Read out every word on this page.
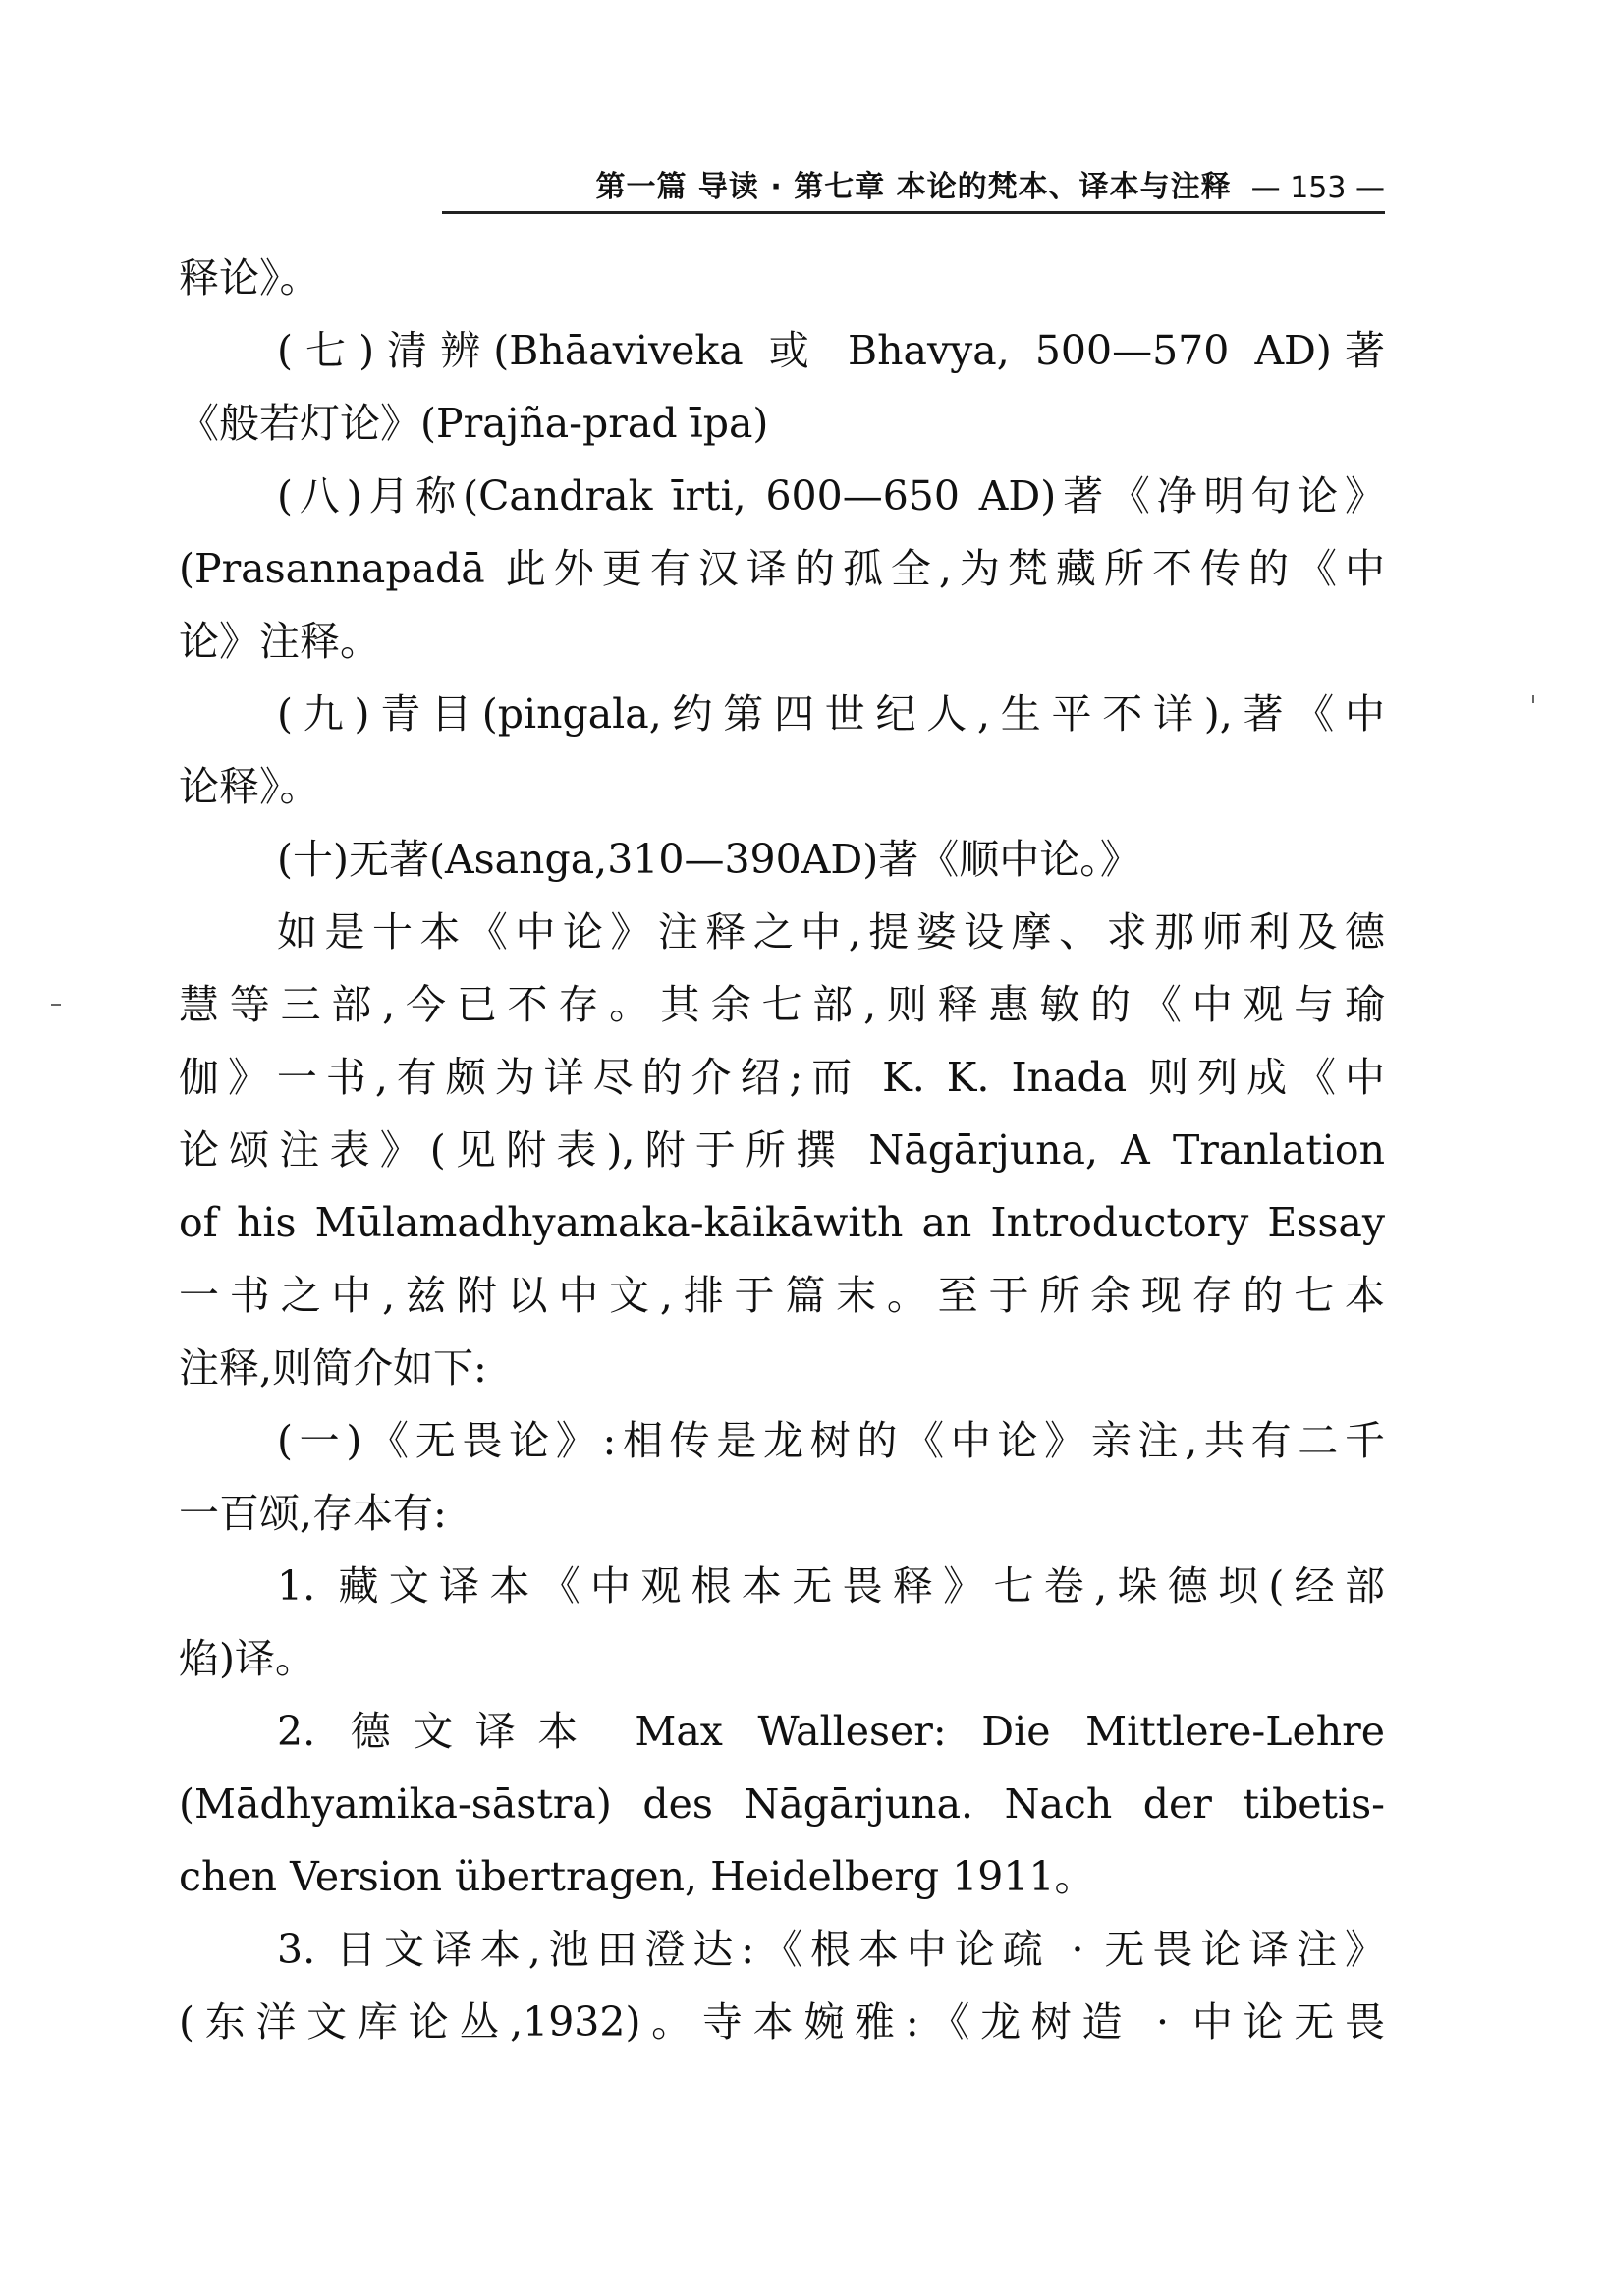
第一篇 导读 · 第七章 本论的梵本、译本与注释 — 153 —
释论》。
(七)清辨(Bhāaviveka 或 Bhavya, 500—570 AD)著
《般若灯论》(Prajña-prad īpa)
(八)月称(Candrak īrti, 600—650 AD)著《净明句论》
(Prasannapadā 此外更有汉译的孤全,为梵藏所不传的《中
论》注释。
(九)青目(pingala,约第四世纪人,生平不详),著《中
论释》。
(十)无著(Asanga,310—390AD)著《顺中论。》
如是十本《中论》注释之中,提婆设摩、求那师利及德
慧等三部,今已不存。其余七部,则释惠敏的《中观与瑜
伽》一书,有颇为详尽的介绍;而 K. K. Inada 则列成《中
论颂注表》(见附表),附于所撰 Nāgārjuna, A Tranlation
of his Mūlamadhyamaka-kāikāwith an Introductory Essay
一书之中,兹附以中文,排于篇末。至于所余现存的七本
注释,则简介如下:
(一)《无畏论》:相传是龙树的《中论》亲注,共有二千
一百颂,存本有:
1. 藏文译本《中观根本无畏释》七卷,垛德坝(经部
焰)译。
2. 德文译本 Max Walleser: Die Mittlere-Lehre
(Mādhyamika-sāstra) des Nāgārjuna. Nach der tibetis-
chen Version übertragen, Heidelberg 1911。
3. 日文译本,池田澄达:《根本中论疏 · 无畏论译注》
(东洋文库论丛,1932)。寺本婉雅:《龙树造 · 中论无畏
